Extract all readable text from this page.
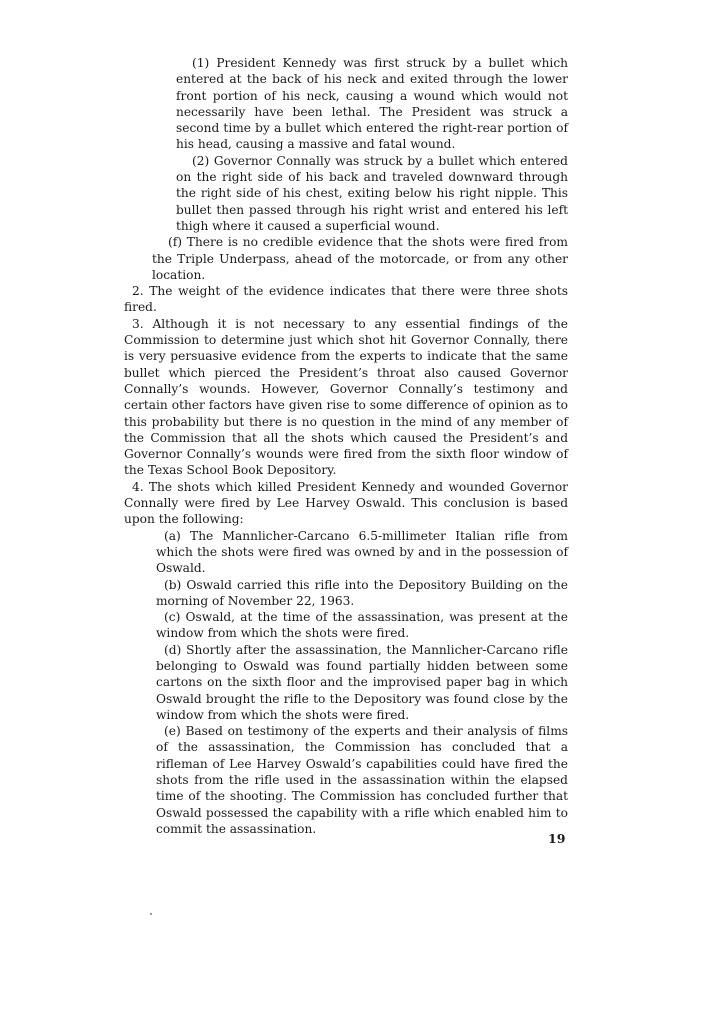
(1) President Kennedy was first struck by a bullet which entered at the back of his neck and exited through the lower front portion of his neck, causing a wound which would not necessarily have been lethal. The President was struck a second time by a bullet which entered the right-rear portion of his head, causing a massive and fatal wound.

(2) Governor Connally was struck by a bullet which entered on the right side of his back and traveled downward through the right side of his chest, exiting below his right nipple. This bullet then passed through his right wrist and entered his left thigh where it caused a superficial wound.

(f) There is no credible evidence that the shots were fired from the Triple Underpass, ahead of the motorcade, or from any other location.

2. The weight of the evidence indicates that there were three shots fired.

3. Although it is not necessary to any essential findings of the Commission to determine just which shot hit Governor Connally, there is very persuasive evidence from the experts to indicate that the same bullet which pierced the President’s throat also caused Governor Connally’s wounds. However, Governor Connally’s testimony and certain other factors have given rise to some difference of opinion as to this probability but there is no question in the mind of any member of the Commission that all the shots which caused the President’s and Governor Connally’s wounds were fired from the sixth floor window of the Texas School Book Depository.

4. The shots which killed President Kennedy and wounded Governor Connally were fired by Lee Harvey Oswald. This conclusion is based upon the following:

(a) The Mannlicher-Carcano 6.5-millimeter Italian rifle from which the shots were fired was owned by and in the possession of Oswald.

(b) Oswald carried this rifle into the Depository Building on the morning of November 22, 1963.

(c) Oswald, at the time of the assassination, was present at the window from which the shots were fired.

(d) Shortly after the assassination, the Mannlicher-Carcano rifle belonging to Oswald was found partially hidden between some cartons on the sixth floor and the improvised paper bag in which Oswald brought the rifle to the Depository was found close by the window from which the shots were fired.

(e) Based on testimony of the experts and their analysis of films of the assassination, the Commission has concluded that a rifleman of Lee Harvey Oswald’s capabilities could have fired the shots from the rifle used in the assassination within the elapsed time of the shooting. The Commission has concluded further that Oswald possessed the capability with a rifle which enabled him to commit the assassination.

19
